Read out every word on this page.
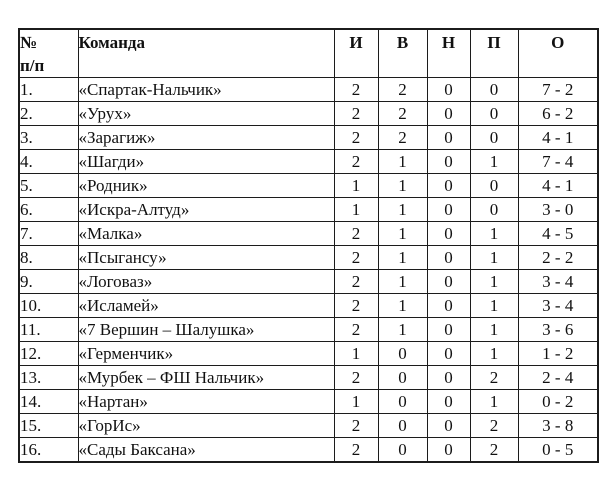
№
п/п	Команда	И	В	Н	П	О
1.	«Спартак-Нальчик»	2	2	0	0	7 - 2
2.	«Урух»	2	2	0	0	6 - 2
3.	«Зарагиж»	2	2	0	0	4 - 1
4.	«Шагди»	2	1	0	1	7 - 4
5.	«Родник»	1	1	0	0	4 - 1
6.	«Искра-Алтуд»	1	1	0	0	3 - 0
7.	«Малка»	2	1	0	1	4 - 5
8.	«Псыгансу»	2	1	0	1	2 - 2
9.	«Логоваз»	2	1	0	1	3 - 4
10.	«Исламей»	2	1	0	1	3 - 4
11.	«7 Вершин – Шалушка»	2	1	0	1	3 - 6
12.	«Герменчик»	1	0	0	1	1 - 2
13.	«Мурбек – ФШ Нальчик»	2	0	0	2	2 - 4
14.	«Нартан»	1	0	0	1	0 - 2
15.	«ГорИс»	2	0	0	2	3 - 8
16.	«Сады Баксана»	2	0	0	2	0 - 5
